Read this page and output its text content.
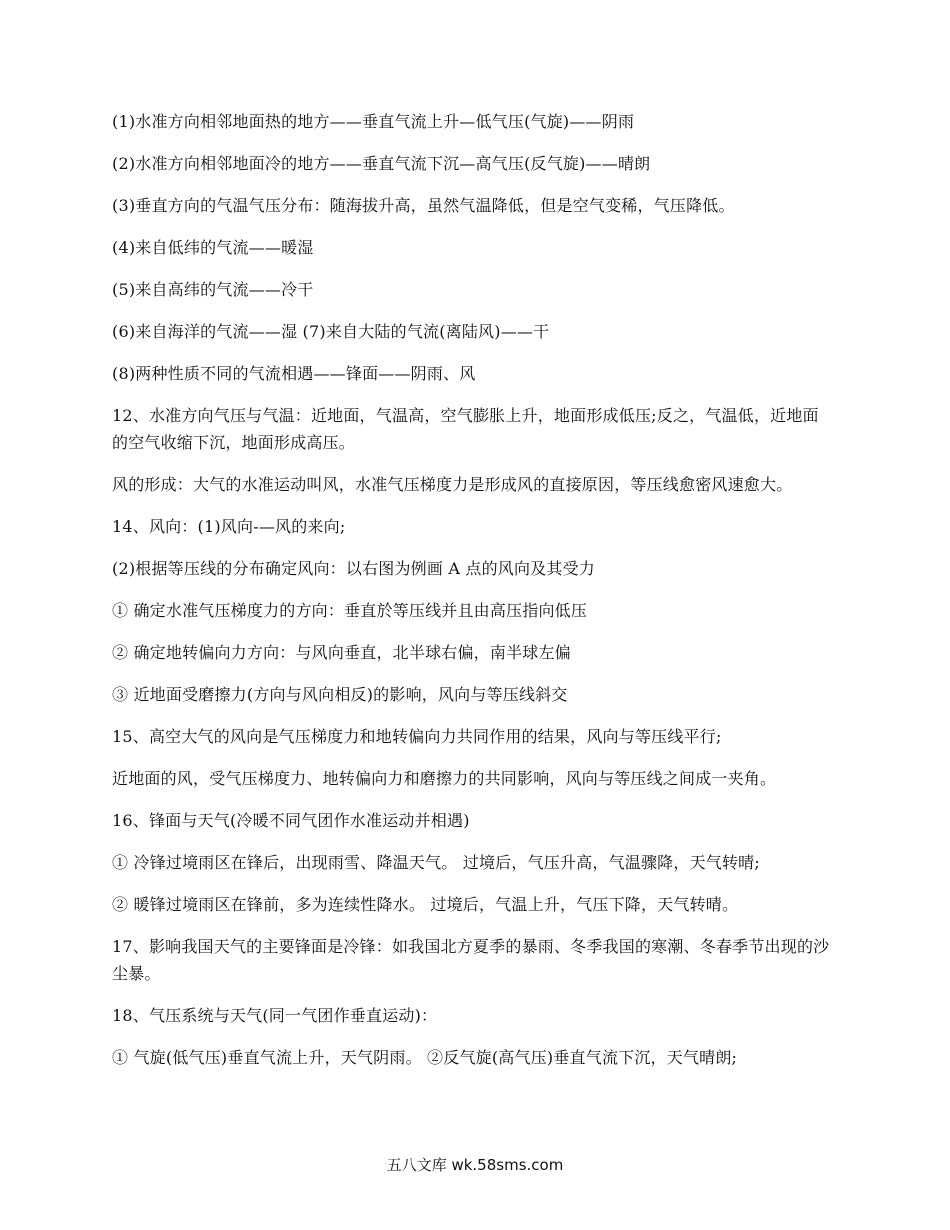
(1)水准方向相邻地面热的地方——垂直气流上升—低气压(气旋)——阴雨

(2)水准方向相邻地面冷的地方——垂直气流下沉—高气压(反气旋)——晴朗

(3)垂直方向的气温气压分布：随海拔升高，虽然气温降低，但是空气变稀，气压降低。

(4)来自低纬的气流——暖湿

(5)来自高纬的气流——冷干

(6)来自海洋的气流——湿 (7)来自大陆的气流(离陆风)——干

(8)两种性质不同的气流相遇——锋面——阴雨、风

12、水准方向气压与气温：近地面，气温高，空气膨胀上升，地面形成低压;反之，气温低，近地面的空气收缩下沉，地面形成高压。

风的形成：大气的水准运动叫风，水准气压梯度力是形成风的直接原因，等压线愈密风速愈大。

14、风向：(1)风向-—风的来向;

(2)根据等压线的分布确定风向：以右图为例画 A 点的风向及其受力

① 确定水准气压梯度力的方向：垂直於等压线并且由高压指向低压

② 确定地转偏向力方向：与风向垂直，北半球右偏，南半球左偏

③ 近地面受磨擦力(方向与风向相反)的影响，风向与等压线斜交

15、高空大气的风向是气压梯度力和地转偏向力共同作用的结果，风向与等压线平行;

近地面的风，受气压梯度力、地转偏向力和磨擦力的共同影响，风向与等压线之间成一夹角。

16、锋面与天气(冷暖不同气团作水准运动并相遇)

① 冷锋过境雨区在锋后，出现雨雪、降温天气。 过境后，气压升高，气温骤降，天气转晴;

② 暖锋过境雨区在锋前，多为连续性降水。 过境后，气温上升，气压下降，天气转晴。

17、影响我国天气的主要锋面是冷锋：如我国北方夏季的暴雨、冬季我国的寒潮、冬春季节出现的沙尘暴。

18、气压系统与天气(同一气团作垂直运动)：

① 气旋(低气压)垂直气流上升，天气阴雨。 ②反气旋(高气压)垂直气流下沉，天气晴朗;

五八文库 wk.58sms.com
